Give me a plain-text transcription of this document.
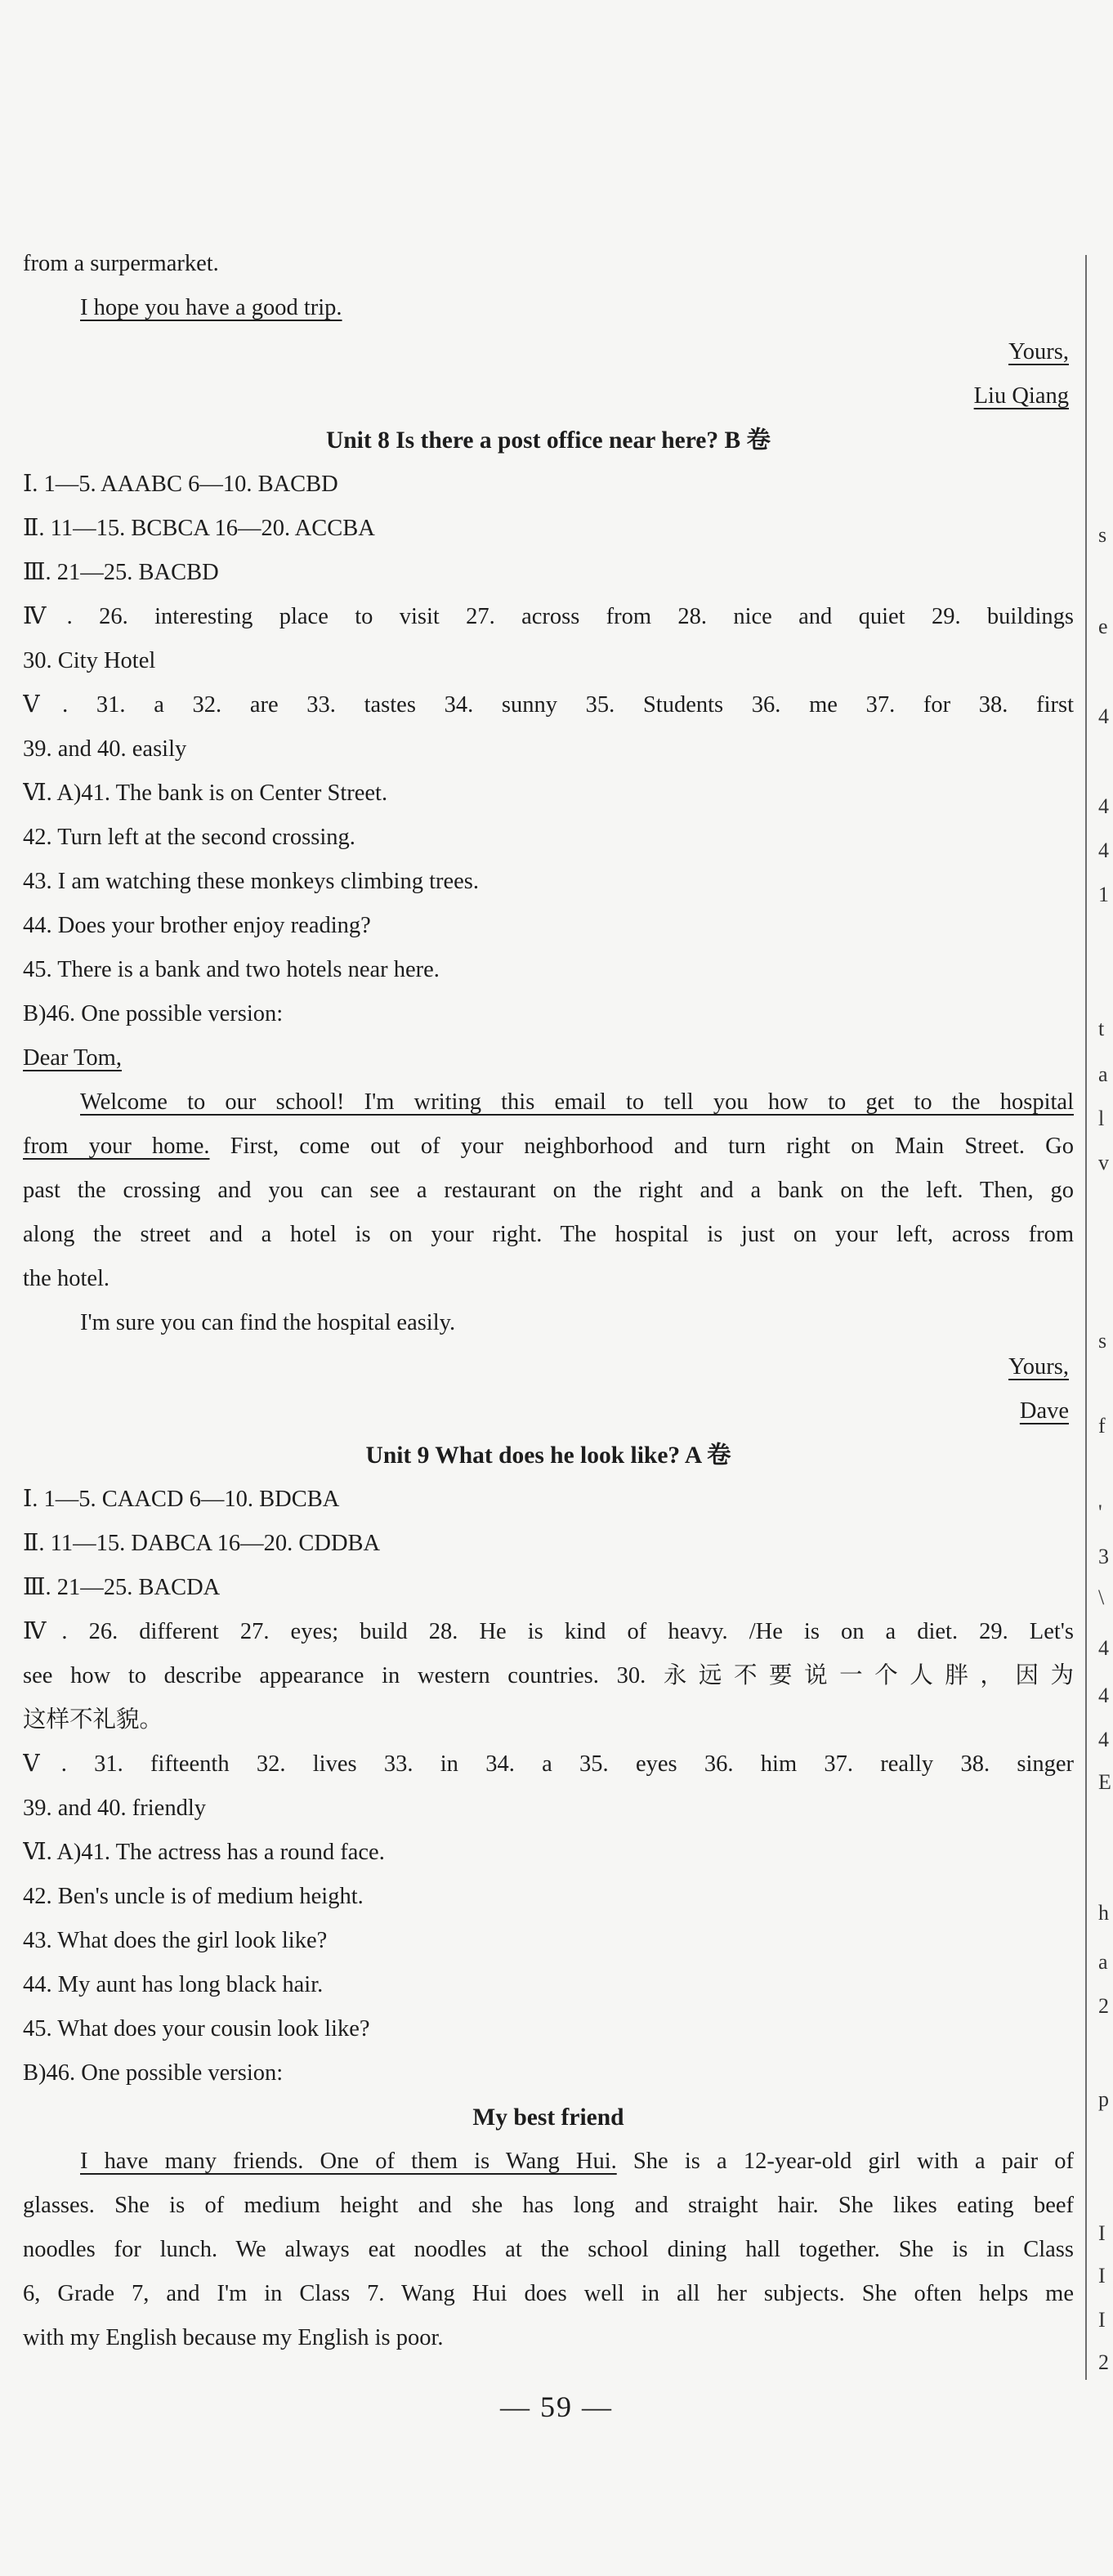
from a surpermarket.
I hope you have a good trip.
Yours,
Liu Qiang
Unit 8 Is there a post office near here? B 卷
Ⅰ. 1—5. AAABC 6—10. BACBD
Ⅱ. 11—15. BCBCA 16—20. ACCBA
Ⅲ. 21—25. BACBD
Ⅳ. 26. interesting place to visit 27. across from 28. nice and quiet 29. buildings
30. City Hotel
Ⅴ. 31. a 32. are 33. tastes 34. sunny 35. Students 36. me 37. for 38. first
39. and 40. easily
Ⅵ. A)41. The bank is on Center Street.
42. Turn left at the second crossing.
43. I am watching these monkeys climbing trees.
44. Does your brother enjoy reading?
45. There is a bank and two hotels near here.
B)46. One possible version:
Dear Tom,
Welcome to our school! I'm writing this email to tell you how to get to the hospital
from your home. First, come out of your neighborhood and turn right on Main Street. Go
past the crossing and you can see a restaurant on the right and a bank on the left. Then, go
along the street and a hotel is on your right. The hospital is just on your left, across from
the hotel.
I'm sure you can find the hospital easily.
Yours,
Dave
Unit 9 What does he look like? A 卷
Ⅰ. 1—5. CAACD 6—10. BDCBA
Ⅱ. 11—15. DABCA 16—20. CDDBA
Ⅲ. 21—25. BACDA
Ⅳ. 26. different 27. eyes; build 28. He is kind of heavy. /He is on a diet. 29. Let's
see how to describe appearance in western countries. 30. 永远不要说一个人胖，因为
这样不礼貌。
Ⅴ. 31. fifteenth 32. lives 33. in 34. a 35. eyes 36. him 37. really 38. singer
39. and 40. friendly
Ⅵ. A)41. The actress has a round face.
42. Ben's uncle is of medium height.
43. What does the girl look like?
44. My aunt has long black hair.
45. What does your cousin look like?
B)46. One possible version:
My best friend
I have many friends. One of them is Wang Hui. She is a 12-year-old girl with a pair of
glasses. She is of medium height and she has long and straight hair. She likes eating beef
noodles for lunch. We always eat noodles at the school dining hall together. She is in Class
6, Grade 7, and I'm in Class 7. Wang Hui does well in all her subjects. She often helps me
with my English because my English is poor.
— 59 —
s
e
4
4
4
1
t
a
l
v
s
f
'
3
\
4
4
4
E
h
a
2
p
I
I
I
2
